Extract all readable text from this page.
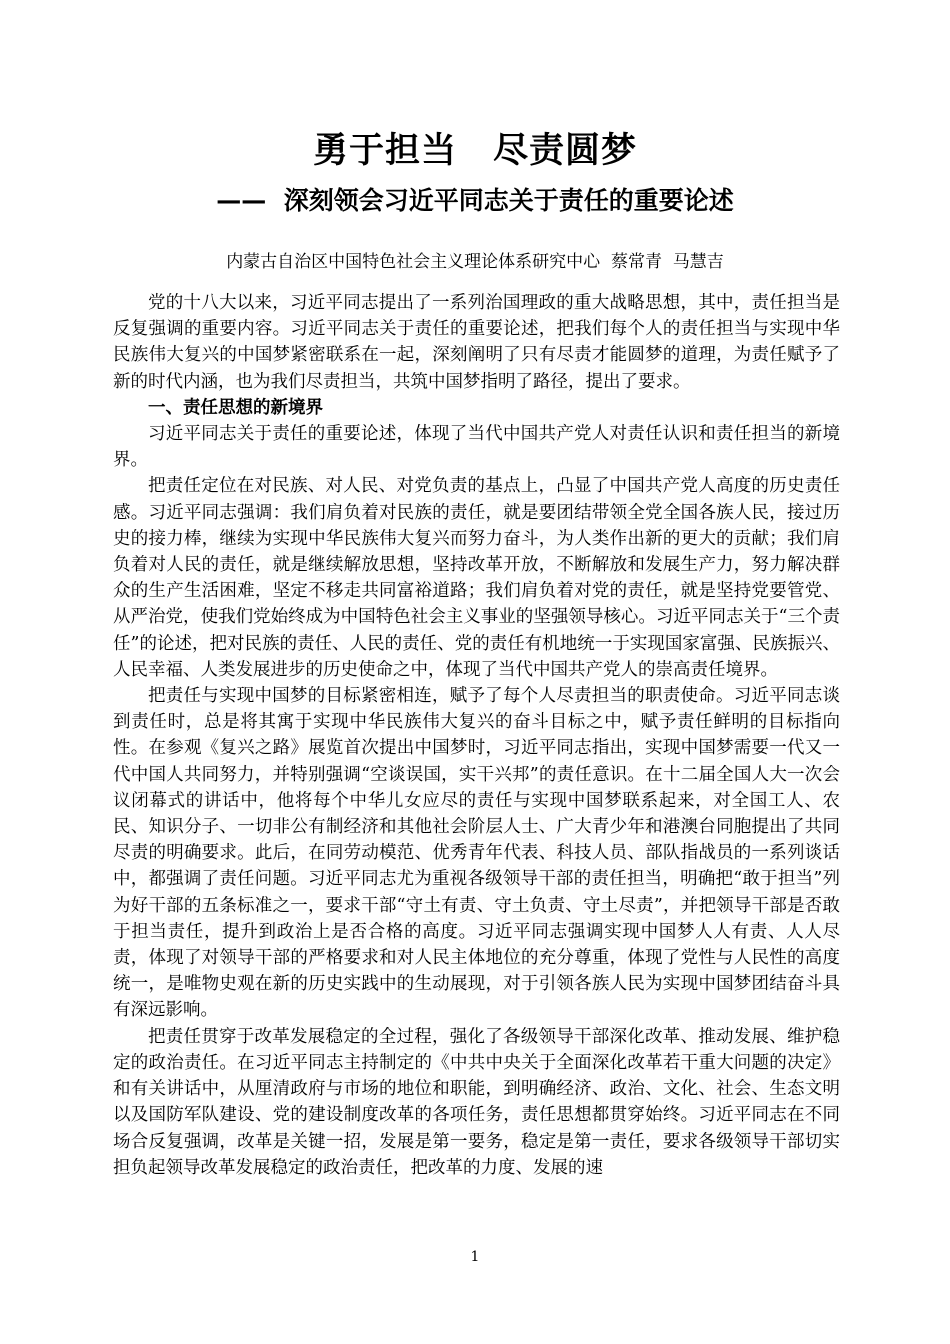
勇于担当　尽责圆梦
——  深刻领会习近平同志关于责任的重要论述
内蒙古自治区中国特色社会主义理论体系研究中心  蔡常青  马慧吉

党的十八大以来，习近平同志提出了一系列治国理政的重大战略思想，其中，责任担当是反复强调的重要内容。习近平同志关于责任的重要论述，把我们每个人的责任担当与实现中华民族伟大复兴的中国梦紧密联系在一起，深刻阐明了只有尽责才能圆梦的道理，为责任赋予了新的时代内涵，也为我们尽责担当，共筑中国梦指明了路径，提出了要求。

一、责任思想的新境界

习近平同志关于责任的重要论述，体现了当代中国共产党人对责任认识和责任担当的新境界。

把责任定位在对民族、对人民、对党负责的基点上，凸显了中国共产党人高度的历史责任感。习近平同志强调：我们肩负着对民族的责任，就是要团结带领全党全国各族人民，接过历史的接力棒，继续为实现中华民族伟大复兴而努力奋斗，为人类作出新的更大的贡献；我们肩负着对人民的责任，就是继续解放思想，坚持改革开放，不断解放和发展生产力，努力解决群众的生产生活困难，坚定不移走共同富裕道路；我们肩负着对党的责任，就是坚持党要管党、从严治党，使我们党始终成为中国特色社会主义事业的坚强领导核心。习近平同志关于“三个责任”的论述，把对民族的责任、人民的责任、党的责任有机地统一于实现国家富强、民族振兴、人民幸福、人类发展进步的历史使命之中，体现了当代中国共产党人的崇高责任境界。

把责任与实现中国梦的目标紧密相连，赋予了每个人尽责担当的职责使命。习近平同志谈到责任时，总是将其寓于实现中华民族伟大复兴的奋斗目标之中，赋予责任鲜明的目标指向性。在参观《复兴之路》展览首次提出中国梦时，习近平同志指出，实现中国梦需要一代又一代中国人共同努力，并特别强调“空谈误国，实干兴邦”的责任意识。在十二届全国人大一次会议闭幕式的讲话中，他将每个中华儿女应尽的责任与实现中国梦联系起来，对全国工人、农民、知识分子、一切非公有制经济和其他社会阶层人士、广大青少年和港澳台同胞提出了共同尽责的明确要求。此后，在同劳动模范、优秀青年代表、科技人员、部队指战员的一系列谈话中，都强调了责任问题。习近平同志尤为重视各级领导干部的责任担当，明确把“敢于担当”列为好干部的五条标准之一，要求干部“守土有责、守土负责、守土尽责”，并把领导干部是否敢于担当责任，提升到政治上是否合格的高度。习近平同志强调实现中国梦人人有责、人人尽责，体现了对领导干部的严格要求和对人民主体地位的充分尊重，体现了党性与人民性的高度统一，是唯物史观在新的历史实践中的生动展现，对于引领各族人民为实现中国梦团结奋斗具有深远影响。

把责任贯穿于改革发展稳定的全过程，强化了各级领导干部深化改革、推动发展、维护稳定的政治责任。在习近平同志主持制定的《中共中央关于全面深化改革若干重大问题的决定》和有关讲话中，从厘清政府与市场的地位和职能，到明确经济、政治、文化、社会、生态文明以及国防军队建设、党的建设制度改革的各项任务，责任思想都贯穿始终。习近平同志在不同场合反复强调，改革是关键一招，发展是第一要务，稳定是第一责任，要求各级领导干部切实担负起领导改革发展稳定的政治责任，把改革的力度、发展的速

1
